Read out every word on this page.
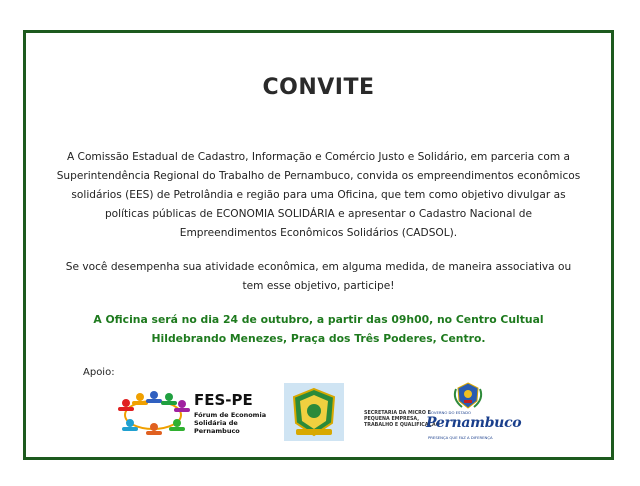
CONVITE
A Comissão Estadual de Cadastro, Informação e Comércio Justo e Solidário, em parceria com a Superintendência Regional do Trabalho de Pernambuco, convida os empreendimentos econômicos solidários (EES) de Petrolândia e região para uma Oficina, que tem como objetivo divulgar as políticas públicas de ECONOMIA SOLIDÁRIA e apresentar o Cadastro Nacional de Empreendimentos Econômicos Solidários (CADSOL).
Se você desempenha sua atividade econômica, em alguma medida, de maneira associativa ou tem esse objetivo, participe!
A Oficina será no dia 24 de outubro, a partir das 09h00, no Centro Cultual Hildebrando Menezes, Praça dos Três Poderes, Centro.
Apoio:
FES-PE
Fórum de Economia Solidária de Pernambuco
SECRETARIA DA MICRO E PEQUENA EMPRESA, TRABALHO E QUALIFICAÇÃO
GOVERNO DO ESTADO
Pernambuco
PRESENÇA QUE FAZ A DIFERENÇA
